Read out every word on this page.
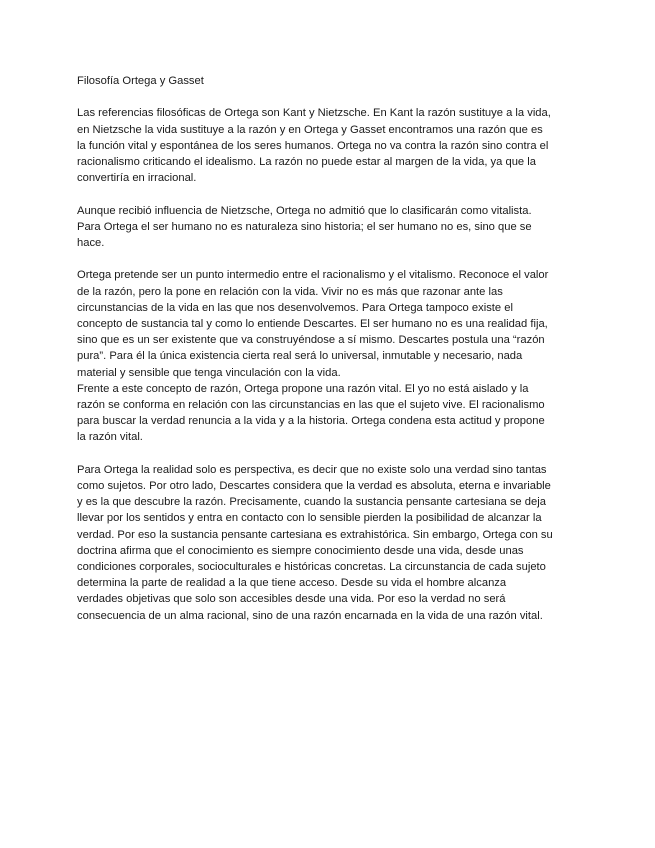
Filosofía Ortega y Gasset
Las referencias filosóficas de Ortega son Kant y Nietzsche. En Kant la razón sustituye a la vida,
en Nietzsche la vida sustituye a la razón y en Ortega y Gasset encontramos una razón que es
la función vital y espontánea de los seres humanos. Ortega no va contra la razón sino contra el
racionalismo criticando el idealismo. La razón no puede estar al margen de la vida, ya que la
convertiría en irracional.
Aunque recibió influencia de Nietzsche, Ortega no admitió que lo clasificarán como vitalista.
Para Ortega el ser humano no es naturaleza sino historia; el ser humano no es, sino que se
hace.
Ortega pretende ser un punto intermedio entre el racionalismo y el vitalismo. Reconoce el valor
de la razón, pero la pone en relación con la vida. Vivir no es más que razonar ante las
circunstancias de la vida en las que nos desenvolvemos. Para Ortega tampoco existe el
concepto de sustancia tal y como lo entiende Descartes. El ser humano no es una realidad fija,
sino que es un ser existente que va construyéndose a sí mismo. Descartes postula una “razón
pura”. Para él la única existencia cierta real será lo universal, inmutable y necesario, nada
material y sensible que tenga vinculación con la vida.
Frente a este concepto de razón, Ortega propone una razón vital. El yo no está aislado y la
razón se conforma en relación con las circunstancias en las que el sujeto vive. El racionalismo
para buscar la verdad renuncia a la vida y a la historia. Ortega condena esta actitud y propone
la razón vital.
Para Ortega la realidad solo es perspectiva, es decir que no existe solo una verdad sino tantas
como sujetos. Por otro lado, Descartes considera que la verdad es absoluta, eterna e invariable
y es la que descubre la razón. Precisamente, cuando la sustancia pensante cartesiana se deja
llevar por los sentidos y entra en contacto con lo sensible pierden la posibilidad de alcanzar la
verdad. Por eso la sustancia pensante cartesiana es extrahistórica. Sin embargo, Ortega con su
doctrina afirma que el conocimiento es siempre conocimiento desde una vida, desde unas
condiciones corporales, socioculturales e históricas concretas. La circunstancia de cada sujeto
determina la parte de realidad a la que tiene acceso. Desde su vida el hombre alcanza
verdades objetivas que solo son accesibles desde una vida. Por eso la verdad no será
consecuencia de un alma racional, sino de una razón encarnada en la vida de una razón vital.
